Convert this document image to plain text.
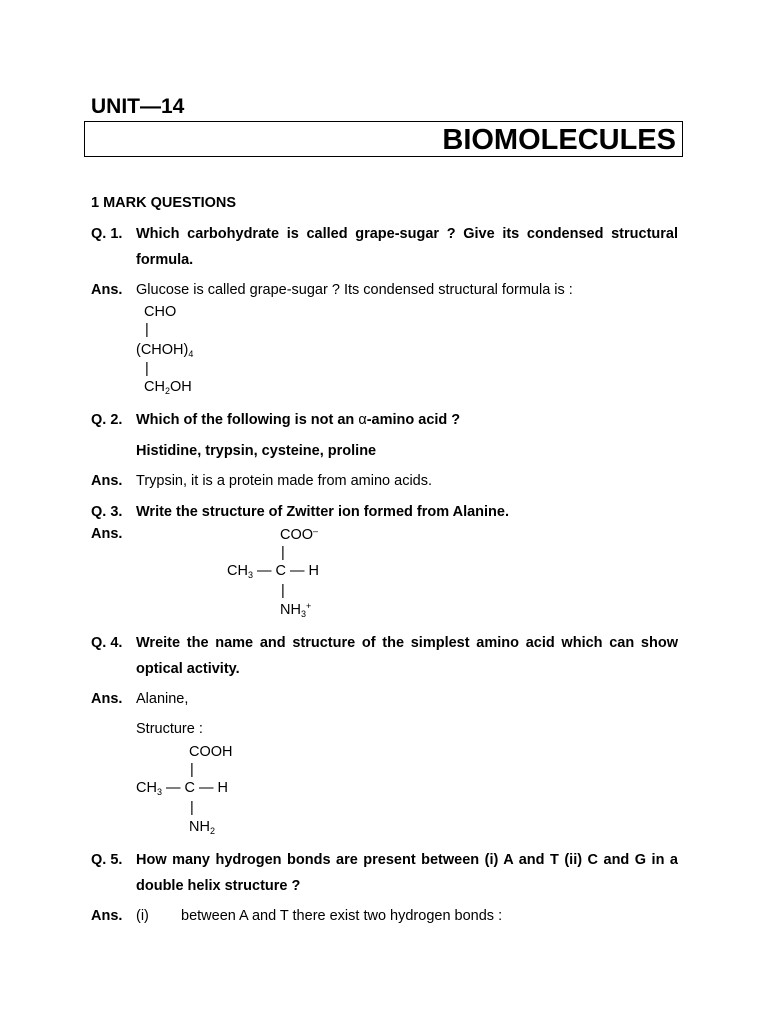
UNIT—14
BIOMOLECULES
1 MARK QUESTIONS
Q. 1. Which carbohydrate is called grape-sugar ? Give its condensed structural
formula.
Ans. Glucose is called grape-sugar ? Its condensed structural formula is :
CHO
|
$(CHOH)_4$
|
$CH_2OH$
Q. 2. Which of the following is not an α-amino acid ?
Histidine, trypsin, cysteine, proline
Ans. Trypsin, it is a protein made from amino acids.
Q. 3. Write the structure of Zwitter ion formed from Alanine.
Ans.	COO–
|
$CH_3$ — C — H
|
$NH_3^+$
Q. 4. Wreite the name and structure of the simplest amino acid which can show
optical activity.
Ans. Alanine,
Structure :
COOH
|
$CH_3$ — C — H
|
$NH_2$
Q. 5. How many hydrogen bonds are present between (i) A and T (ii) C and G in a
double helix structure ?
Ans. (i) between A and T there exist two hydrogen bonds :
